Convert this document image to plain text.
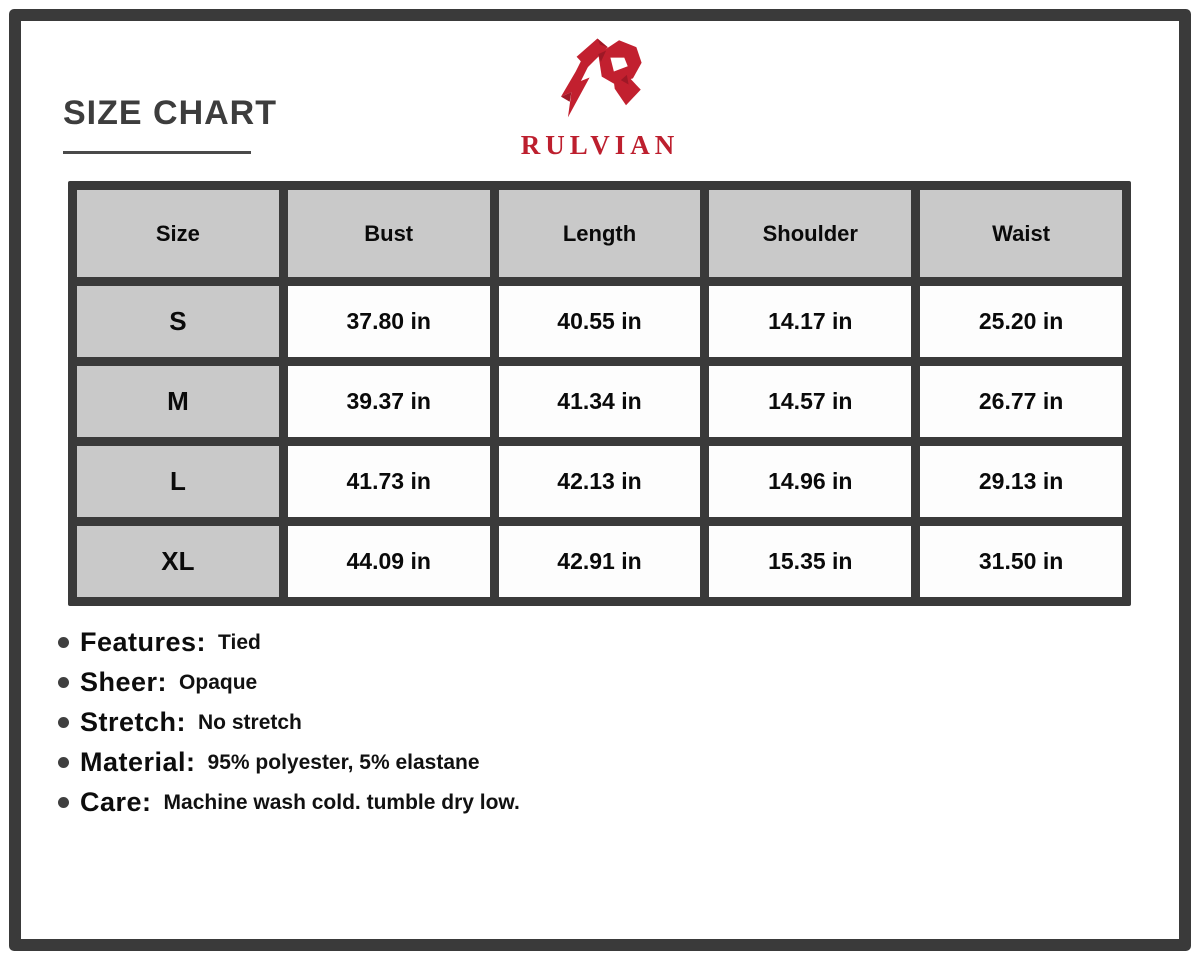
SIZE CHART
RULVIAN
Size	Bust	Length	Shoulder	Waist
S	37.80 in	40.55 in	14.17 in	25.20 in
M	39.37 in	41.34 in	14.57 in	26.77 in
L	41.73 in	42.13 in	14.96 in	29.13 in
XL	44.09 in	42.91 in	15.35 in	31.50 in
Features: Tied
Sheer: Opaque
Stretch: No stretch
Material: 95% polyester, 5% elastane
Care: Machine wash cold. tumble dry low.
